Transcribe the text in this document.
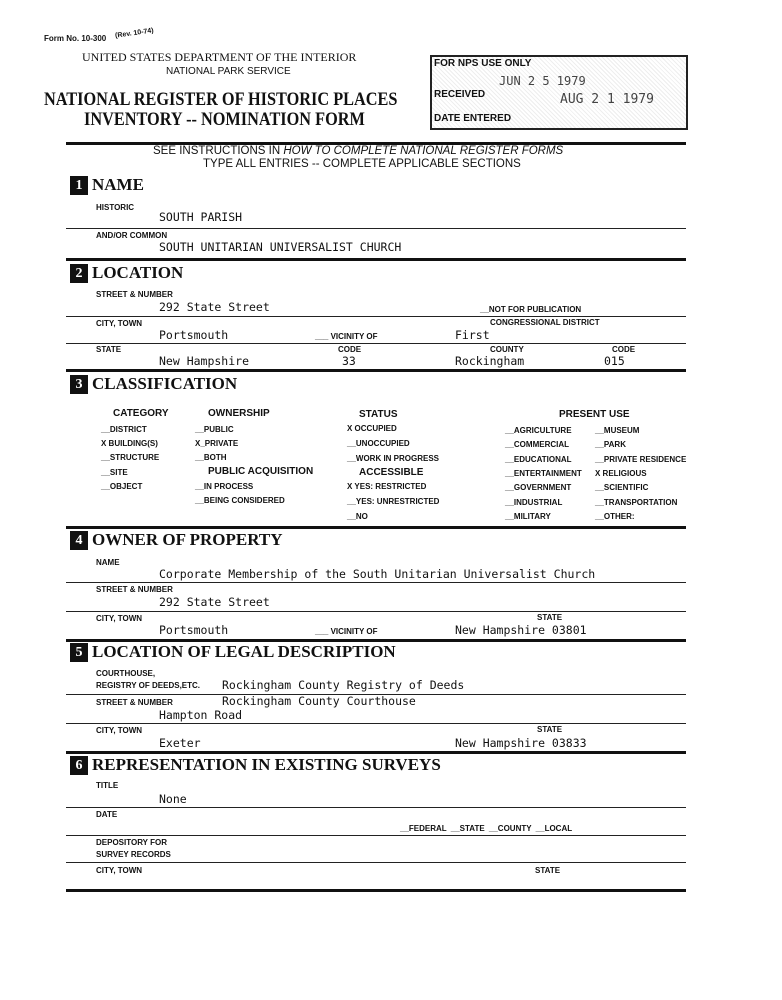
Form No. 10-300 (Rev. 10-74)
UNITED STATES DEPARTMENT OF THE INTERIOR
NATIONAL PARK SERVICE
NATIONAL REGISTER OF HISTORIC PLACES
INVENTORY -- NOMINATION FORM
FOR NPS USE ONLY
JUN 2 5 1979
RECEIVED	AUG 2 1 1979
DATE ENTERED
SEE INSTRUCTIONS IN HOW TO COMPLETE NATIONAL REGISTER FORMS
TYPE ALL ENTRIES -- COMPLETE APPLICABLE SECTIONS
1 NAME
HISTORIC
SOUTH PARISH
AND/OR COMMON
SOUTH UNITARIAN UNIVERSALIST CHURCH
2 LOCATION
STREET & NUMBER
292 State Street	__NOT FOR PUBLICATION
CITY, TOWN	CONGRESSIONAL DISTRICT
Portsmouth	___ VICINITY OF	First
STATE	CODE	COUNTY	CODE
New Hampshire	33	Rockingham	015
3 CLASSIFICATION
CATEGORY	OWNERSHIP
PUBLIC ACQUISITION
STATUS
ACCESSIBLE
PRESENT USE
__DISTRICT
X BUILDING(S)
__STRUCTURE
__SITE
__OBJECT
__PUBLIC
X_PRIVATE
__BOTH
__IN PROCESS
__BEING CONSIDERED
X OCCUPIED
__UNOCCUPIED
__WORK IN PROGRESS
X YES: RESTRICTED
__YES: UNRESTRICTED
__NO
__AGRICULTURE
__COMMERCIAL
__EDUCATIONAL
__ENTERTAINMENT
__GOVERNMENT
__INDUSTRIAL
__MILITARY
__MUSEUM
__PARK
__PRIVATE RESIDENCE
X RELIGIOUS
__SCIENTIFIC
__TRANSPORTATION
__OTHER:
4 OWNER OF PROPERTY
NAME
Corporate Membership of the South Unitarian Universalist Church
STREET & NUMBER
292 State Street
CITY, TOWN	STATE
Portsmouth	___ VICINITY OF	New Hampshire 03801
5 LOCATION OF LEGAL DESCRIPTION
COURTHOUSE,
REGISTRY OF DEEDS,ETC. Rockingham County Registry of Deeds
STREET & NUMBER	Rockingham County Courthouse
Hampton Road
CITY, TOWN	STATE
Exeter	New Hampshire 03833
6 REPRESENTATION IN EXISTING SURVEYS
TITLE
None
DATE
__FEDERAL __STATE __COUNTY __LOCAL
DEPOSITORY FOR
SURVEY RECORDS
CITY, TOWN	STATE
